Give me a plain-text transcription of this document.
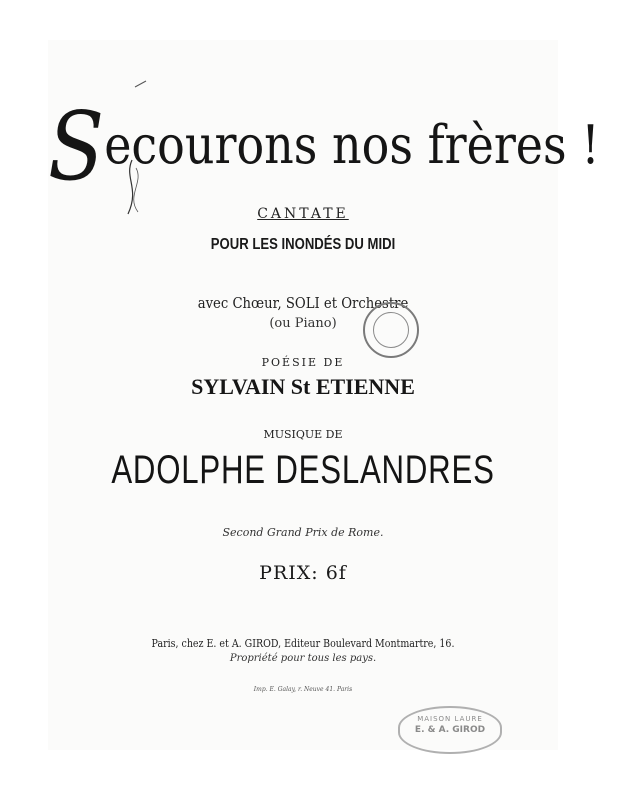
Secourons nos frères !
CANTATE
POUR LES INONDÉS DU MIDI
avec Chœur, SOLI et Orchestre
(ou Piano)
POÉSIE DE
SYLVAIN St ETIENNE
MUSIQUE DE
ADOLPHE DESLANDRES
Second Grand Prix de Rome.
PRIX: 6f
Paris, chez E. et A. GIROD, Editeur Boulevard Montmartre, 16.
Propriété pour tous les pays.
Imp. E. Galay, r. Neuve 41. Paris
MAISON LAURE
E. & A. GIROD
